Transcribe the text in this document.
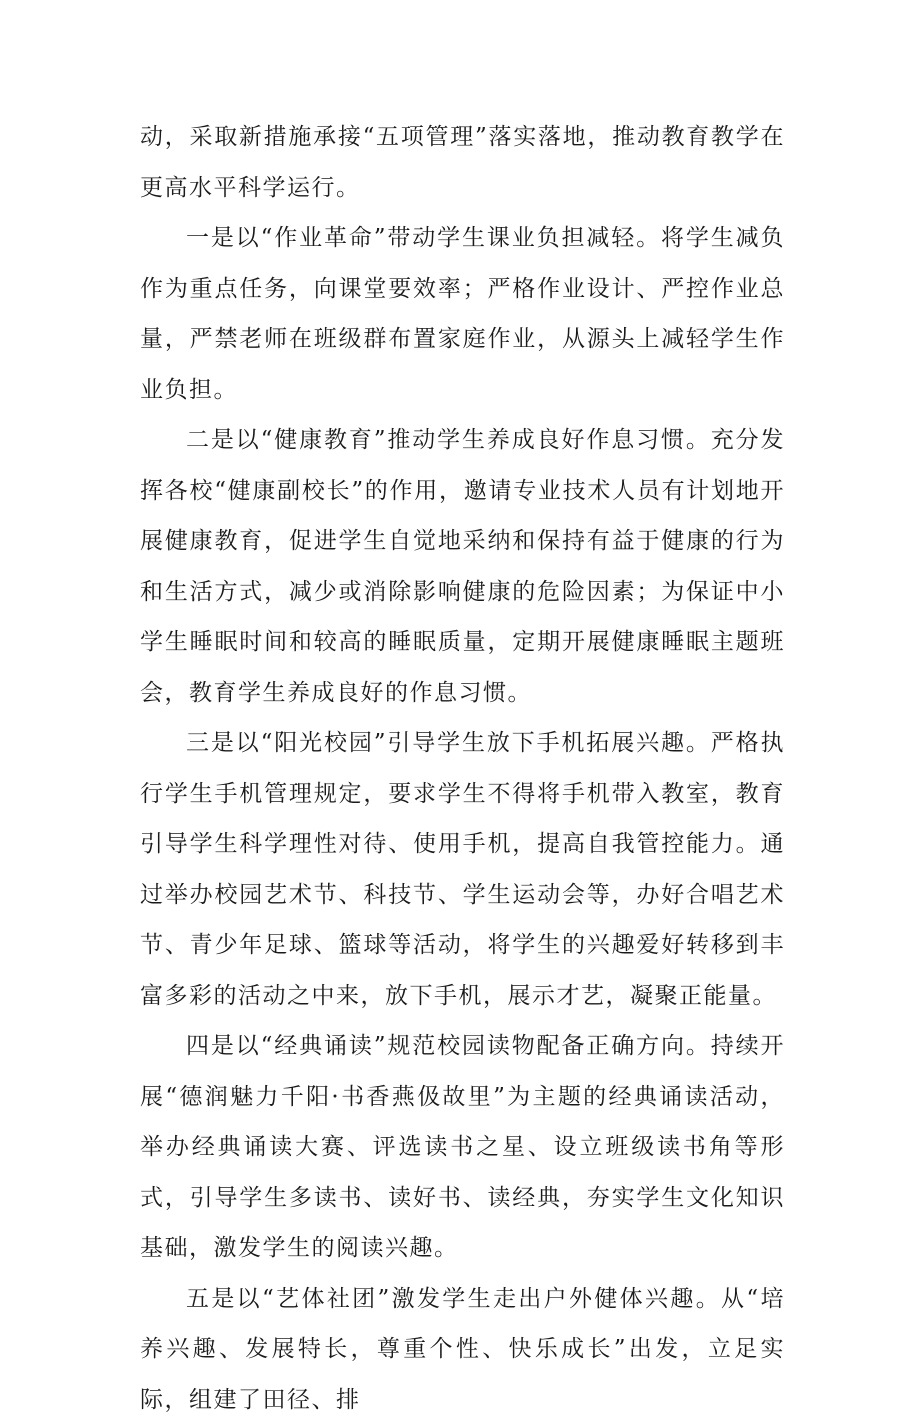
动，采取新措施承接“五项管理”落实落地，推动教育教学在更高水平科学运行。

一是以“作业革命”带动学生课业负担减轻。将学生减负作为重点任务，向课堂要效率；严格作业设计、严控作业总量，严禁老师在班级群布置家庭作业，从源头上减轻学生作业负担。

二是以“健康教育”推动学生养成良好作息习惯。充分发挥各校“健康副校长”的作用，邀请专业技术人员有计划地开展健康教育，促进学生自觉地采纳和保持有益于健康的行为和生活方式，减少或消除影响健康的危险因素；为保证中小学生睡眠时间和较高的睡眠质量，定期开展健康睡眠主题班会，教育学生养成良好的作息习惯。

三是以“阳光校园”引导学生放下手机拓展兴趣。严格执行学生手机管理规定，要求学生不得将手机带入教室，教育引导学生科学理性对待、使用手机，提高自我管控能力。通过举办校园艺术节、科技节、学生运动会等，办好合唱艺术节、青少年足球、篮球等活动，将学生的兴趣爱好转移到丰富多彩的活动之中来，放下手机，展示才艺，凝聚正能量。

四是以“经典诵读”规范校园读物配备正确方向。持续开展“德润魅力千阳·书香燕伋故里”为主题的经典诵读活动，举办经典诵读大赛、评选读书之星、设立班级读书角等形式，引导学生多读书、读好书、读经典，夯实学生文化知识基础，激发学生的阅读兴趣。

五是以“艺体社团”激发学生走出户外健体兴趣。从“培养兴趣、发展特长，尊重个性、快乐成长”出发，立足实际，组建了田径、排
